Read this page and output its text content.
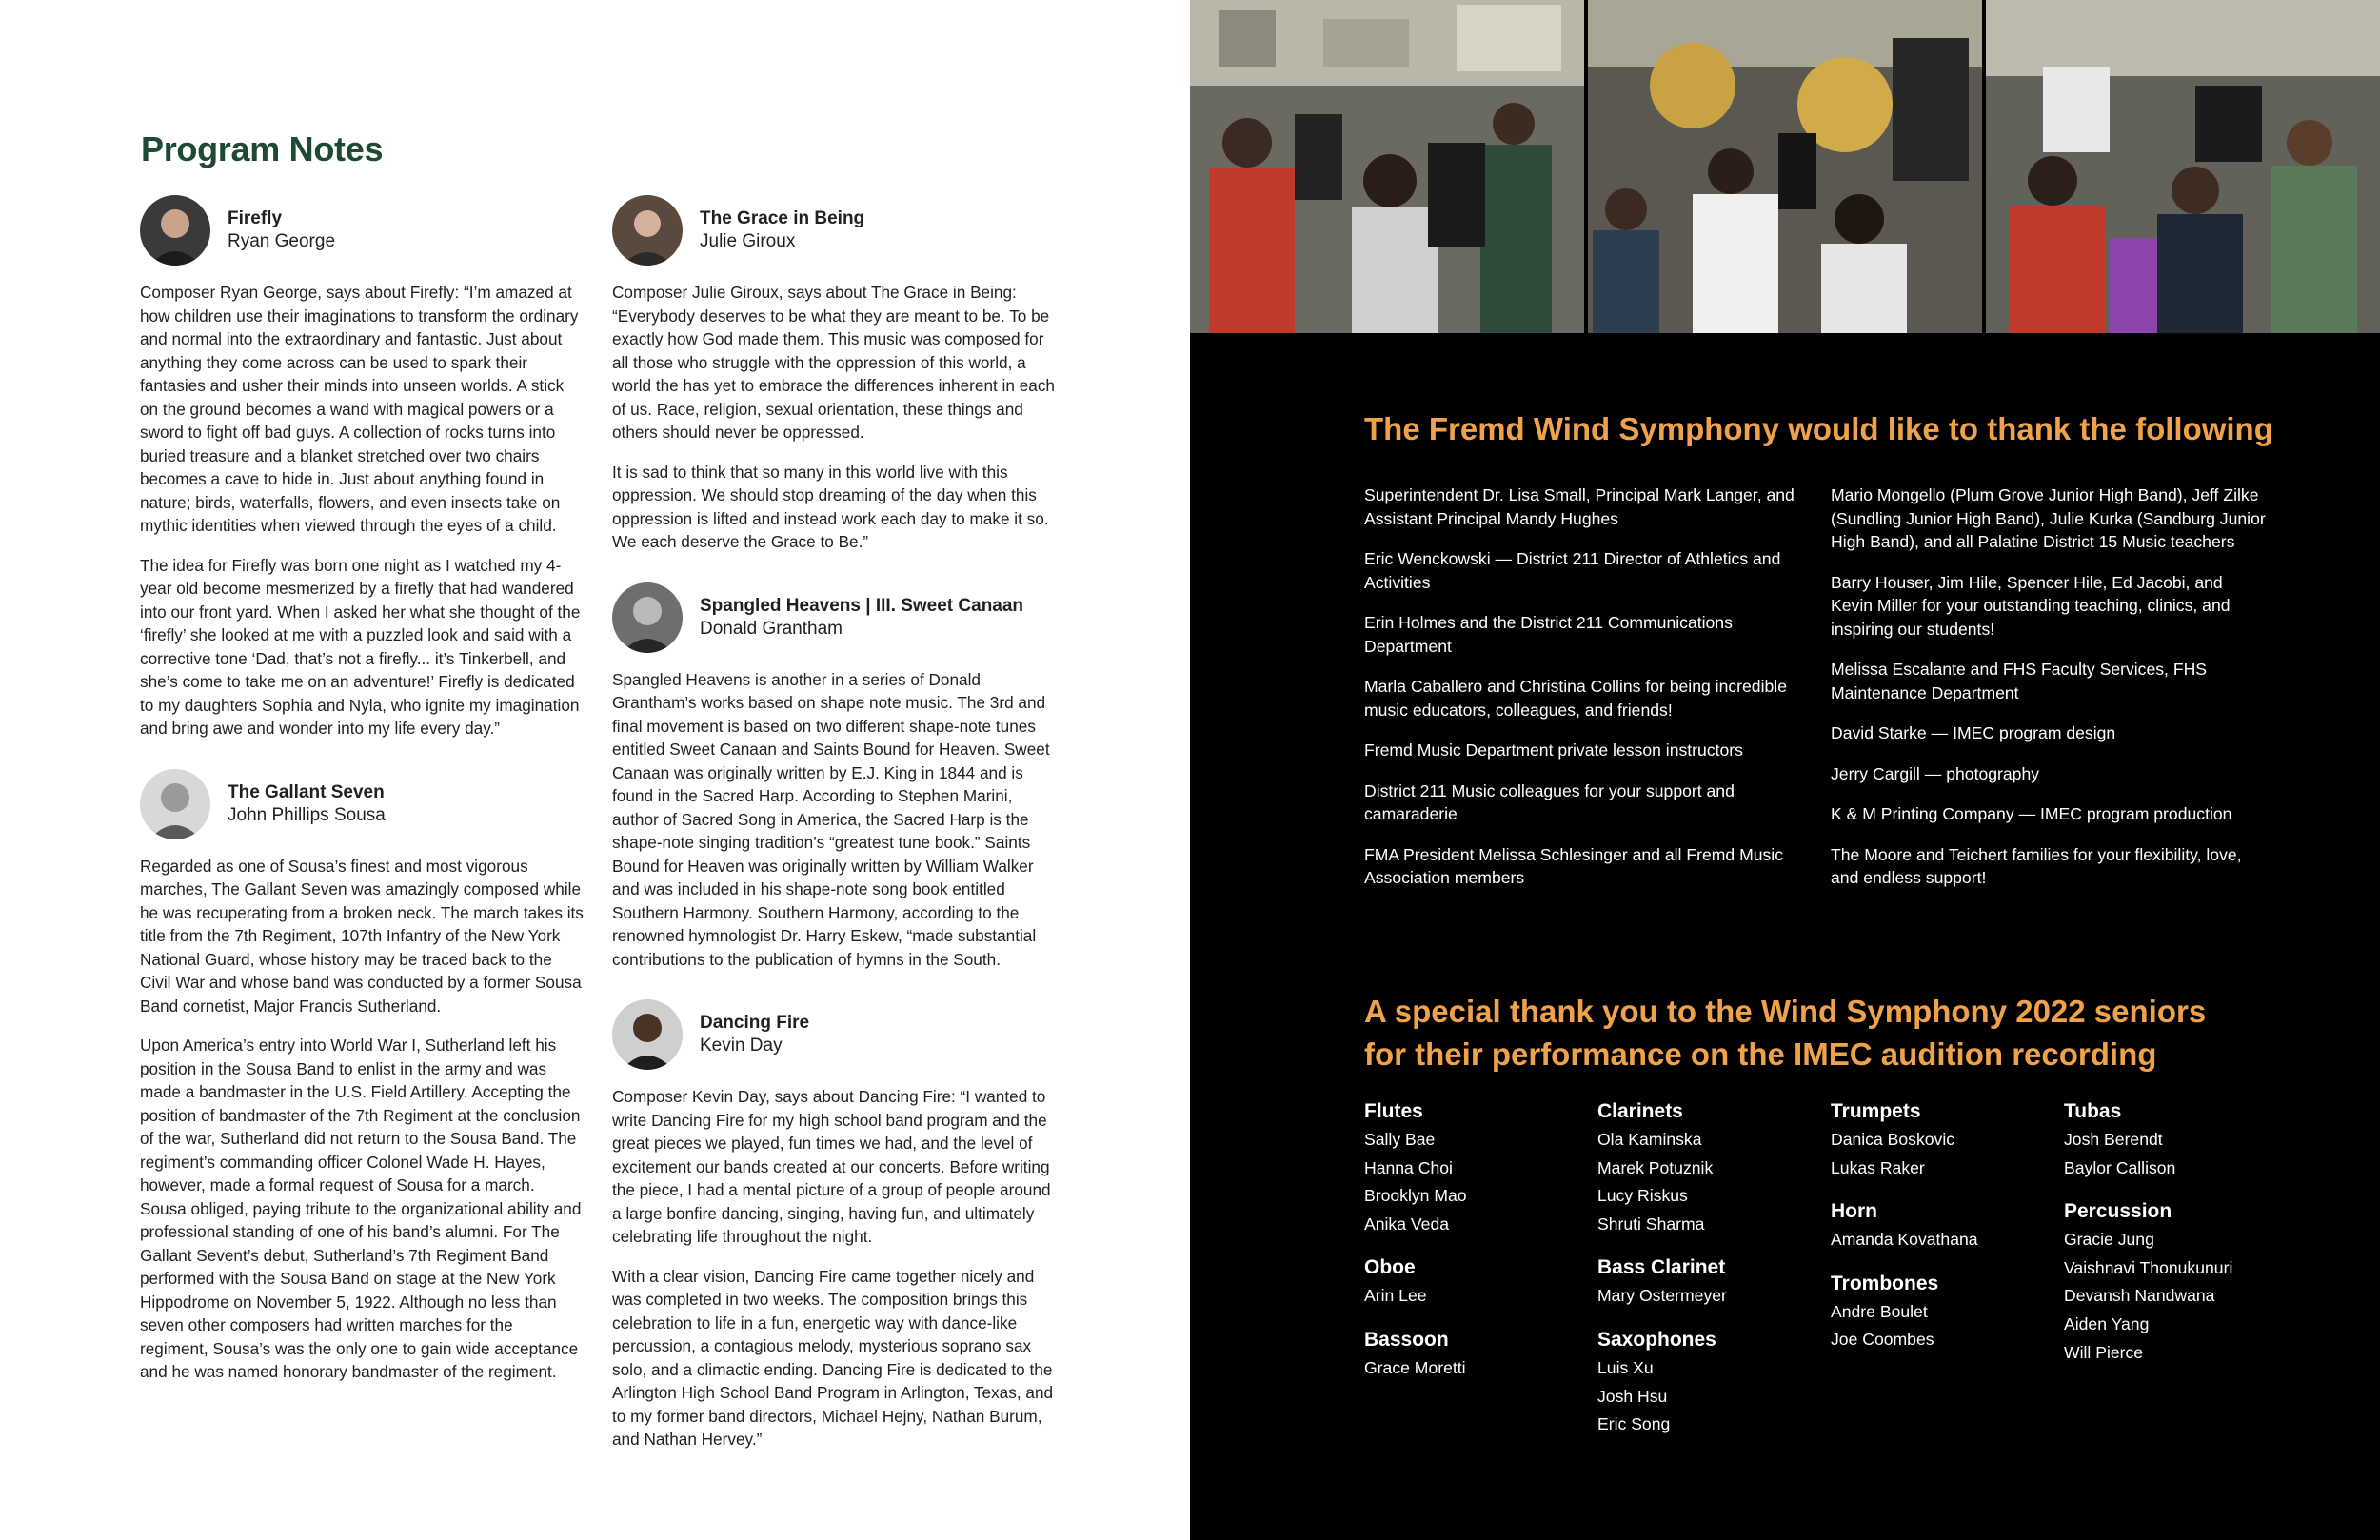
Program Notes
Firefly
Ryan George

Composer Ryan George, says about Firefly: “I’m amazed at how children use their imaginations to transform the ordinary and normal into the extraordinary and fantastic. Just about anything they come across can be used to spark their fantasies and usher their minds into unseen worlds. A stick on the ground becomes a wand with magical powers or a sword to fight off bad guys. A collection of rocks turns into buried treasure and a blanket stretched over two chairs becomes a cave to hide in. Just about anything found in nature; birds, waterfalls, flowers, and even insects take on mythic identities when viewed through the eyes of a child.

The idea for Firefly was born one night as I watched my 4-year old become mesmerized by a firefly that had wandered into our front yard. When I asked her what she thought of the ‘firefly’ she looked at me with a puzzled look and said with a corrective tone ‘Dad, that’s not a firefly... it’s Tinkerbell, and she’s come to take me on an adventure!’ Firefly is dedicated to my daughters Sophia and Nyla, who ignite my imagination and bring awe and wonder into my life every day.”

The Gallant Seven
John Phillips Sousa

Regarded as one of Sousa’s finest and most vigorous marches, The Gallant Seven was amazingly composed while he was recuperating from a broken neck. The march takes its title from the 7th Regiment, 107th Infantry of the New York National Guard, whose history may be traced back to the Civil War and whose band was conducted by a former Sousa Band cornetist, Major Francis Sutherland.

Upon America’s entry into World War I, Sutherland left his position in the Sousa Band to enlist in the army and was made a bandmaster in the U.S. Field Artillery. Accepting the position of bandmaster of the 7th Regiment at the conclusion of the war, Sutherland did not return to the Sousa Band. The regiment’s commanding officer Colonel Wade H. Hayes, however, made a formal request of Sousa for a march. Sousa obliged, paying tribute to the organizational ability and professional standing of one of his band’s alumni. For The Gallant Sevent’s debut, Sutherland’s 7th Regiment Band performed with the Sousa Band on stage at the New York Hippodrome on November 5, 1922. Although no less than seven other composers had written marches for the regiment, Sousa’s was the only one to gain wide acceptance and he was named honorary bandmaster of the regiment.

The Grace in Being
Julie Giroux

Composer Julie Giroux, says about The Grace in Being: “Everybody deserves to be what they are meant to be. To be exactly how God made them. This music was composed for all those who struggle with the oppression of this world, a world the has yet to embrace the differences inherent in each of us. Race, religion, sexual orientation, these things and others should never be oppressed.

It is sad to think that so many in this world live with this oppression. We should stop dreaming of the day when this oppression is lifted and instead work each day to make it so. We each deserve the Grace to Be.”

Spangled Heavens | III. Sweet Canaan
Donald Grantham

Spangled Heavens is another in a series of Donald Grantham’s works based on shape note music. The 3rd and final movement is based on two different shape-note tunes entitled Sweet Canaan and Saints Bound for Heaven. Sweet Canaan was originally written by E.J. King in 1844 and is found in the Sacred Harp. According to Stephen Marini, author of Sacred Song in America, the Sacred Harp is the shape-note singing tradition’s “greatest tune book.” Saints Bound for Heaven was originally written by William Walker and was included in his shape-note song book entitled Southern Harmony. Southern Harmony, according to the renowned hymnologist Dr. Harry Eskew, “made substantial contributions to the publication of hymns in the South.

Dancing Fire
Kevin Day

Composer Kevin Day, says about Dancing Fire: “I wanted to write Dancing Fire for my high school band program and the great pieces we played, fun times we had, and the level of excitement our bands created at our concerts. Before writing the piece, I had a mental picture of a group of people around a large bonfire dancing, singing, having fun, and ultimately celebrating life throughout the night.

With a clear vision, Dancing Fire came together nicely and was completed in two weeks. The composition brings this celebration to life in a fun, energetic way with dance-like percussion, a contagious melody, mysterious soprano sax solo, and a climactic ending. Dancing Fire is dedicated to the Arlington High School Band Program in Arlington, Texas, and to my former band directors, Michael Hejny, Nathan Burum, and Nathan Hervey.”

The Fremd Wind Symphony would like to thank the following

Superintendent Dr. Lisa Small, Principal Mark Langer, and Assistant Principal Mandy Hughes

Eric Wenckowski — District 211 Director of Athletics and Activities

Erin Holmes and the District 211 Communications Department

Marla Caballero and Christina Collins for being incredible music educators, colleagues, and friends!

Fremd Music Department private lesson instructors

District 211 Music colleagues for your support and camaraderie

FMA President Melissa Schlesinger and all Fremd Music Association members

Mario Mongello (Plum Grove Junior High Band), Jeff Zilke (Sundling Junior High Band), Julie Kurka (Sandburg Junior High Band), and all Palatine District 15 Music teachers

Barry Houser, Jim Hile, Spencer Hile, Ed Jacobi, and Kevin Miller for your outstanding teaching, clinics, and inspiring our students!

Melissa Escalante and FHS Faculty Services, FHS Maintenance Department

David Starke — IMEC program design

Jerry Cargill — photography

K & M Printing Company — IMEC program production

The Moore and Teichert families for your flexibility, love, and endless support!

A special thank you to the Wind Symphony 2022 seniors
for their performance on the IMEC audition recording
Flutes
Sally Bae
Hanna Choi
Brooklyn Mao
Anika Veda
Oboe
Arin Lee
Bassoon
Grace Moretti
Clarinets
Ola Kaminska
Marek Potuznik
Lucy Riskus
Shruti Sharma
Bass Clarinet
Mary Ostermeyer
Saxophones
Luis Xu
Josh Hsu
Eric Song
Trumpets
Danica Boskovic
Lukas Raker
Horn
Amanda Kovathana
Trombones
Andre Boulet
Joe Coombes
Tubas
Josh Berendt
Baylor Callison
Percussion
Gracie Jung
Vaishnavi Thonukunuri
Devansh Nandwana
Aiden Yang
Will Pierce
